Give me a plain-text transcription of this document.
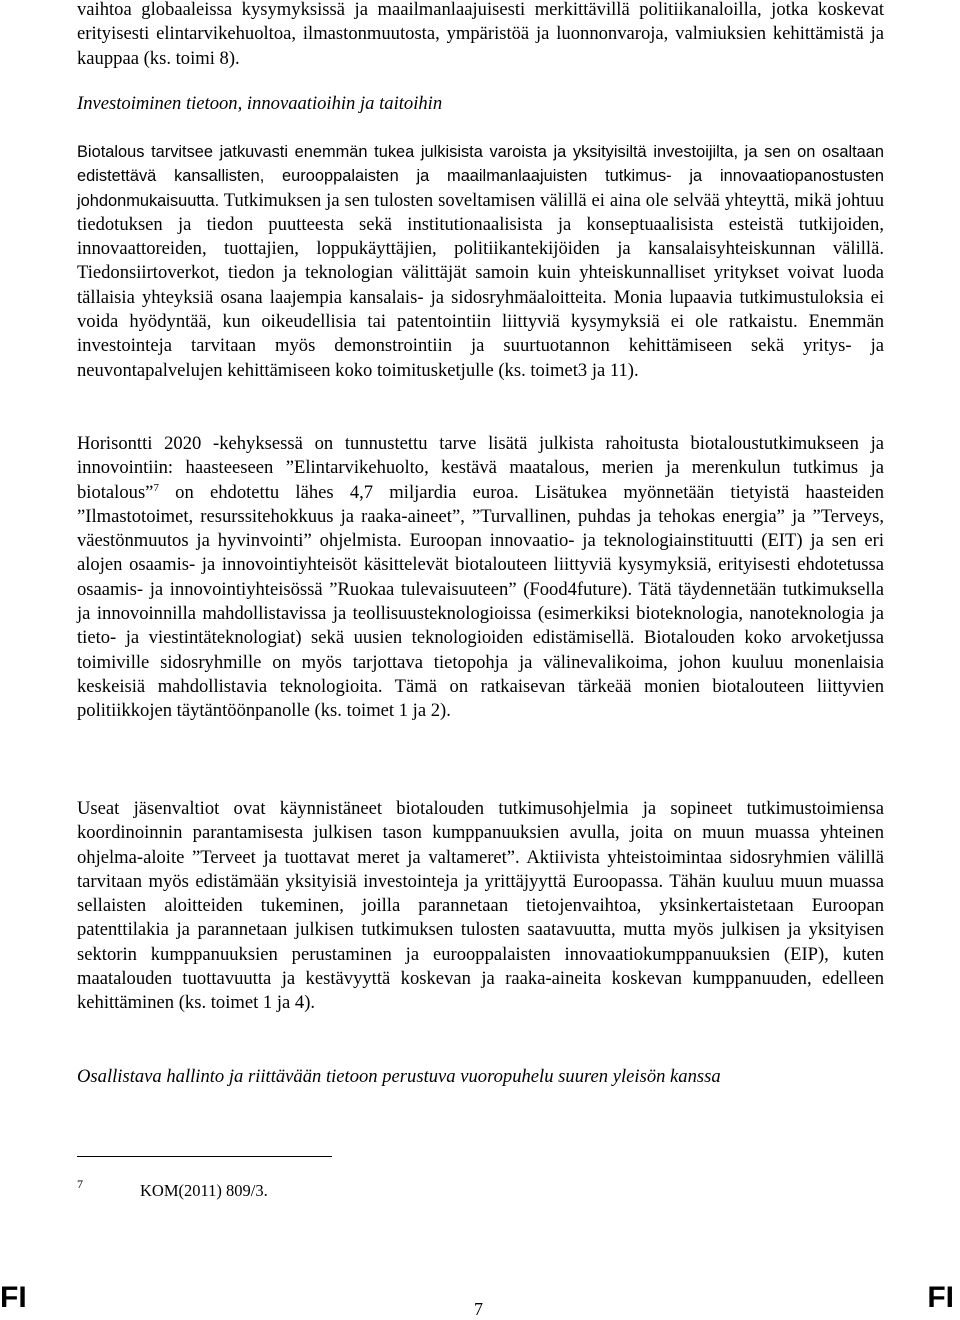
vaihtoa globaaleissa kysymyksissä ja maailmanlaajuisesti merkittävillä politiikanaloilla, jotka koskevat erityisesti elintarvikehuoltoa, ilmastonmuutosta, ympäristöä ja luonnonvaroja, valmiuksien kehittämistä ja kauppaa (ks. toimi 8).

Investoiminen tietoon, innovaatioihin ja taitoihin

Biotalous tarvitsee jatkuvasti enemmän tukea julkisista varoista ja yksityisiltä investoijilta, ja sen on osaltaan edistettävä kansallisten, eurooppalaisten ja maailmanlaajuisten tutkimus- ja innovaatiopanostusten johdonmukaisuutta. Tutkimuksen ja sen tulosten soveltamisen välillä ei aina ole selvää yhteyttä, mikä johtuu tiedotuksen ja tiedon puutteesta sekä institutionaalisista ja konseptuaalisista esteistä tutkijoiden, innovaattoreiden, tuottajien, loppukäyttäjien, politiikantekijöiden ja kansalaisyhteiskunnan välillä. Tiedonsiirtoverkot, tiedon ja teknologian välittäjät samoin kuin yhteiskunnalliset yritykset voivat luoda tällaisia yhteyksiä osana laajempia kansalais- ja sidosryhmäaloitteita. Monia lupaavia tutkimustuloksia ei voida hyödyntää, kun oikeudellisia tai patentointiin liittyviä kysymyksiä ei ole ratkaistu. Enemmän investointeja tarvitaan myös demonstrointiin ja suurtuotannon kehittämiseen sekä yritys- ja neuvontapalvelujen kehittämiseen koko toimitusketjulle (ks. toimet3 ja 11).

Horisontti 2020 -kehyksessä on tunnustettu tarve lisätä julkista rahoitusta biotaloustutkimukseen ja innovointiin: haasteeseen ”Elintarvikehuolto, kestävä maatalous, merien ja merenkulun tutkimus ja biotalous”$^7$ on ehdotettu lähes 4,7 miljardia euroa. Lisätukea myönnetään tietyistä haasteiden ”Ilmastotoimet, resurssitehokkuus ja raaka-aineet”, ”Turvallinen, puhdas ja tehokas energia” ja ”Terveys, väestönmuutos ja hyvinvointi” ohjelmista. Euroopan innovaatio- ja teknologiainstituutti (EIT) ja sen eri alojen osaamis- ja innovointiyhteisöt käsittelevät biotalouteen liittyviä kysymyksiä, erityisesti ehdotetussa osaamis- ja innovointiyhteisössä ”Ruokaa tulevaisuuteen” (Food4future). Tätä täydennetään tutkimuksella ja innovoinnilla mahdollistavissa ja teollisuusteknologioissa (esimerkiksi bioteknologia, nanoteknologia ja tieto- ja viestintäteknologiat) sekä uusien teknologioiden edistämisellä. Biotalouden koko arvoketjussa toimiville sidosryhmille on myös tarjottava tietopohja ja välinevalikoima, johon kuuluu monenlaisia keskeisiä mahdollistavia teknologioita. Tämä on ratkaisevan tärkeää monien biotalouteen liittyvien politiikkojen täytäntöönpanolle (ks. toimet 1 ja 2).

Useat jäsenvaltiot ovat käynnistäneet biotalouden tutkimusohjelmia ja sopineet tutkimustoimiensa koordinoinnin parantamisesta julkisen tason kumppanuuksien avulla, joita on muun muassa yhteinen ohjelma-aloite ”Terveet ja tuottavat meret ja valtameret”. Aktiivista yhteistoimintaa sidosryhmien välillä tarvitaan myös edistämään yksityisiä investointeja ja yrittäjyyttä Euroopassa. Tähän kuuluu muun muassa sellaisten aloitteiden tukeminen, joilla parannetaan tietojenvaihtoa, yksinkertaistetaan Euroopan patenttilakia ja parannetaan julkisen tutkimuksen tulosten saatavuutta, mutta myös julkisen ja yksityisen sektorin kumppanuuksien perustaminen ja eurooppalaisten innovaatiokumppanuuksien (EIP), kuten maatalouden tuottavuutta ja kestävyyttä koskevan ja raaka-aineita koskevan kumppanuuden, edelleen kehittäminen (ks. toimet 1 ja 4).

Osallistava hallinto ja riittävään tietoon perustuva vuoropuhelu suuren yleisön kanssa

7	KOM(2011) 809/3.
FI	7	FI
